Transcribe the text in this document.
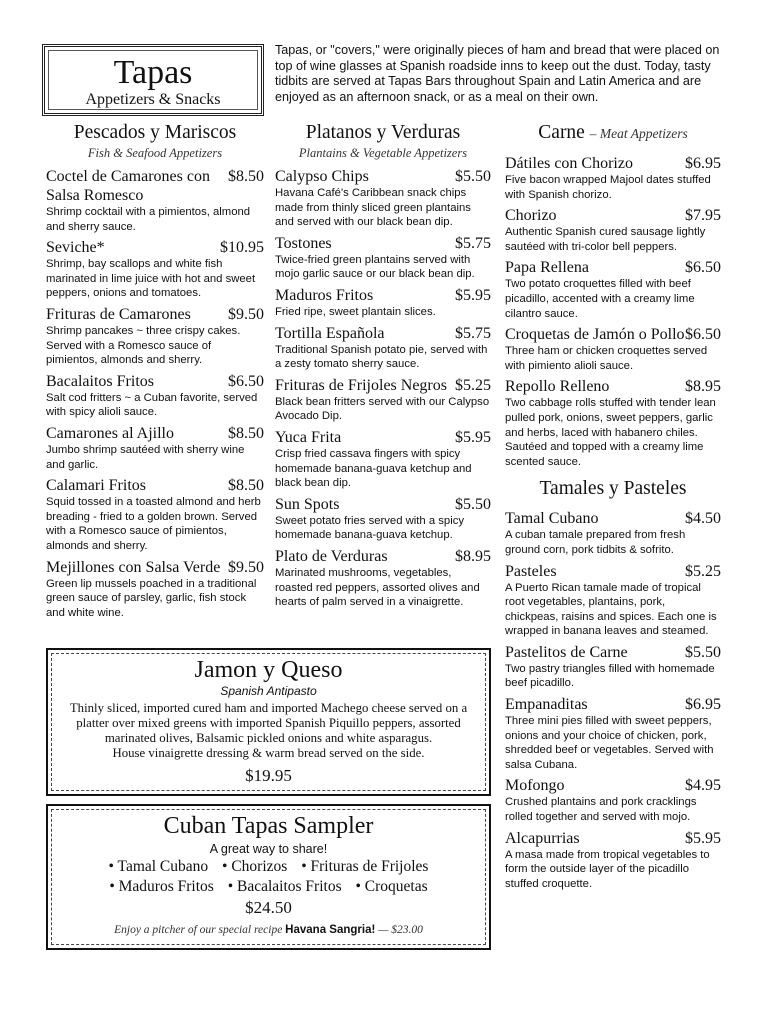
Tapas
Appetizers & Snacks
Tapas, or "covers," were originally pieces of ham and bread that were placed on top of wine glasses at Spanish roadside inns to keep out the dust. Today, tasty tidbits are served at Tapas Bars throughout Spain and Latin America and are enjoyed as an afternoon snack, or as a meal on their own.
Pescados y Mariscos
Fish & Seafood Appetizers
Coctel de Camarones con Salsa Romesco
$8.50
Shrimp cocktail with a pimientos, almond and sherry sauce.
Seviche*	$10.95
Shrimp, bay scallops and white fish marinated in lime juice with hot and sweet peppers, onions and tomatoes.
Frituras de Camarones	$9.50
Shrimp pancakes ~ three crispy cakes. Served with a Romesco sauce of pimientos, almonds and sherry.
Bacalaitos Fritos	$6.50
Salt cod fritters ~ a Cuban favorite, served with spicy alioli sauce.
Camarones al Ajillo	$8.50
Jumbo shrimp sautéed with sherry wine and garlic.
Calamari Fritos	$8.50
Squid tossed in a toasted almond and herb breading - fried to a golden brown. Served with a Romesco sauce of pimientos, almonds and sherry.
Mejillones con Salsa Verde $9.50
Green lip mussels poached in a traditional green sauce of parsley, garlic, fish stock and white wine.
Platanos y Verduras
Plantains & Vegetable Appetizers
Calypso Chips	$5.50
Havana Café's Caribbean snack chips made from thinly sliced green plantains and served with our black bean dip.
Tostones	$5.75
Twice-fried green plantains served with mojo garlic sauce or our black bean dip.
Maduros Fritos	$5.95
Fried ripe, sweet plantain slices.
Tortilla Española	$5.75
Traditional Spanish potato pie, served with a zesty tomato sherry sauce.
Frituras de Frijoles Negros $5.25
Black bean fritters served with our Calypso Avocado Dip.
Yuca Frita	$5.95
Crisp fried cassava fingers with spicy homemade banana-guava ketchup and black bean dip.
Sun Spots	$5.50
Sweet potato fries served with a spicy homemade banana-guava ketchup.
Plato de Verduras	$8.95
Marinated mushrooms, vegetables, roasted red peppers, assorted olives and hearts of palm served in a vinaigrette.
Carne – Meat Appetizers
Dátiles con Chorizo	$6.95
Five bacon wrapped Majool dates stuffed with Spanish chorizo.
Chorizo	$7.95
Authentic Spanish cured sausage lightly sautéed with tri-color bell peppers.
Papa Rellena	$6.50
Two potato croquettes filled with beef picadillo, accented with a creamy lime cilantro sauce.
Croquetas de Jamón o Pollo $6.50
Three ham or chicken croquettes served with pimiento alioli sauce.
Repollo Relleno	$8.95
Two cabbage rolls stuffed with tender lean pulled pork, onions, sweet peppers, garlic and herbs, laced with habanero chiles. Sautéed and topped with a creamy lime scented sauce.
Tamales y Pasteles
Tamal Cubano	$4.50
A cuban tamale prepared from fresh ground corn, pork tidbits & sofrito.
Pasteles	$5.25
A Puerto Rican tamale made of tropical root vegetables, plantains, pork, chickpeas, raisins and spices. Each one is wrapped in banana leaves and steamed.
Pastelitos de Carne	$5.50
Two pastry triangles filled with homemade beef picadillo.
Empanaditas	$6.95
Three mini pies filled with sweet peppers, onions and your choice of chicken, pork, shredded beef or vegetables. Served with salsa Cubana.
Mofongo	$4.95
Crushed plantains and pork cracklings rolled together and served with mojo.
Alcapurrias	$5.95
A masa made from tropical vegetables to form the outside layer of the picadillo stuffed croquette.
Jamon y Queso
Spanish Antipasto
Thinly sliced, imported cured ham and imported Machego cheese served on a platter over mixed greens with imported Spanish Piquillo peppers, assorted marinated olives, Balsamic pickled onions and white asparagus.
House vinaigrette dressing & warm bread served on the side.
$19.95
Cuban Tapas Sampler
A great way to share!
• Tamal Cubano • Chorizos • Frituras de Frijoles
• Maduros Fritos • Bacalaitos Fritos • Croquetas
$24.50
Enjoy a pitcher of our special recipe Havana Sangria! — $23.00
